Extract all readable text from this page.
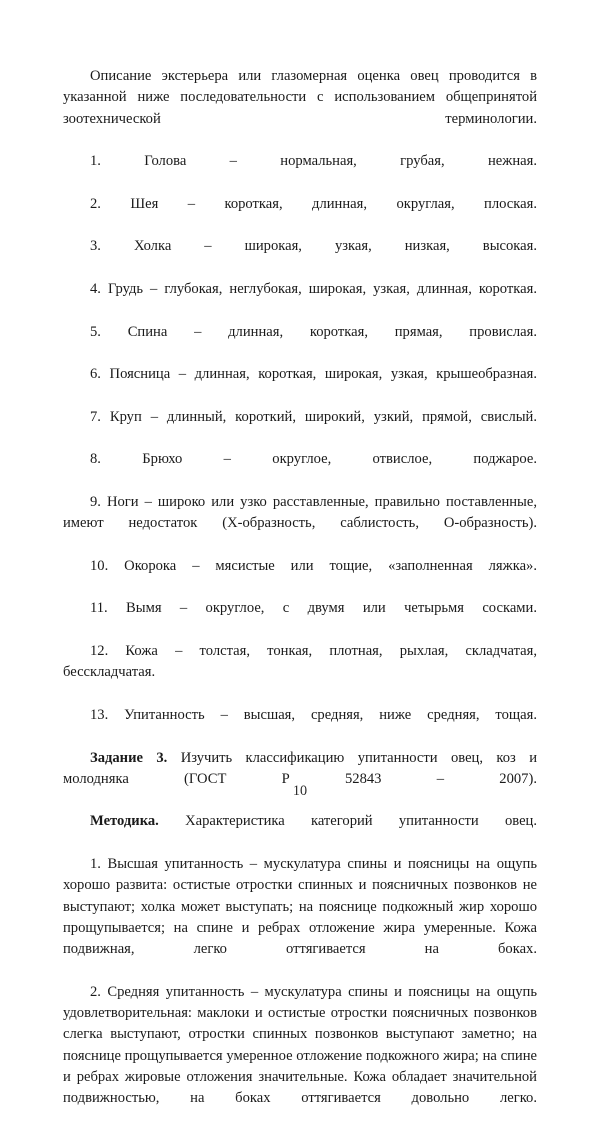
Описание экстерьера или глазомерная оценка овец проводится в указанной ниже последовательности с использованием общепринятой зоотехнической терминологии.

1. Голова – нормальная, грубая, нежная.

2. Шея – короткая, длинная, округлая, плоская.

3. Холка – широкая, узкая, низкая, высокая.

4. Грудь – глубокая, неглубокая, широкая, узкая, длинная, короткая.

5. Спина – длинная, короткая, прямая, провислая.

6. Поясница – длинная, короткая, широкая, узкая, крышеобразная.

7. Круп – длинный, короткий, широкий, узкий, прямой, свислый.

8. Брюхо – округлое, отвислое, поджарое.

9. Ноги – широко или узко расставленные, правильно поставленные, имеют недостаток (Х-образность, саблистость, О-образность).

10. Окорока – мясистые или тощие, «заполненная ляжка».

11. Вымя – округлое, с двумя или четырьмя сосками.

12. Кожа – толстая, тонкая, плотная, рыхлая, складчатая, бесскладчатая.

13. Упитанность – высшая, средняя, ниже средняя, тощая.

Задание 3. Изучить классификацию упитанности овец, коз и молодняка (ГОСТ Р 52843 – 2007).

Методика. Характеристика категорий упитанности овец.

1. Высшая упитанность – мускулатура спины и поясницы на ощупь хорошо развита: остистые отростки спинных и поясничных позвонков не выступают; холка может выступать; на пояснице подкожный жир хорошо прощупывается; на спине и ребрах отложение жира умеренные. Кожа подвижная, легко оттягивается на боках.

2. Средняя упитанность – мускулатура спины и поясницы на ощупь удовлетворительная: маклоки и остистые отростки поясничных позвонков слегка выступают, отростки спинных позвонков выступают заметно; на пояснице прощупывается умеренное отложение подкожного жира; на спине и ребрах жировые отложения значительные. Кожа обладает значительной подвижностью, на боках оттягивается довольно легко.

10
